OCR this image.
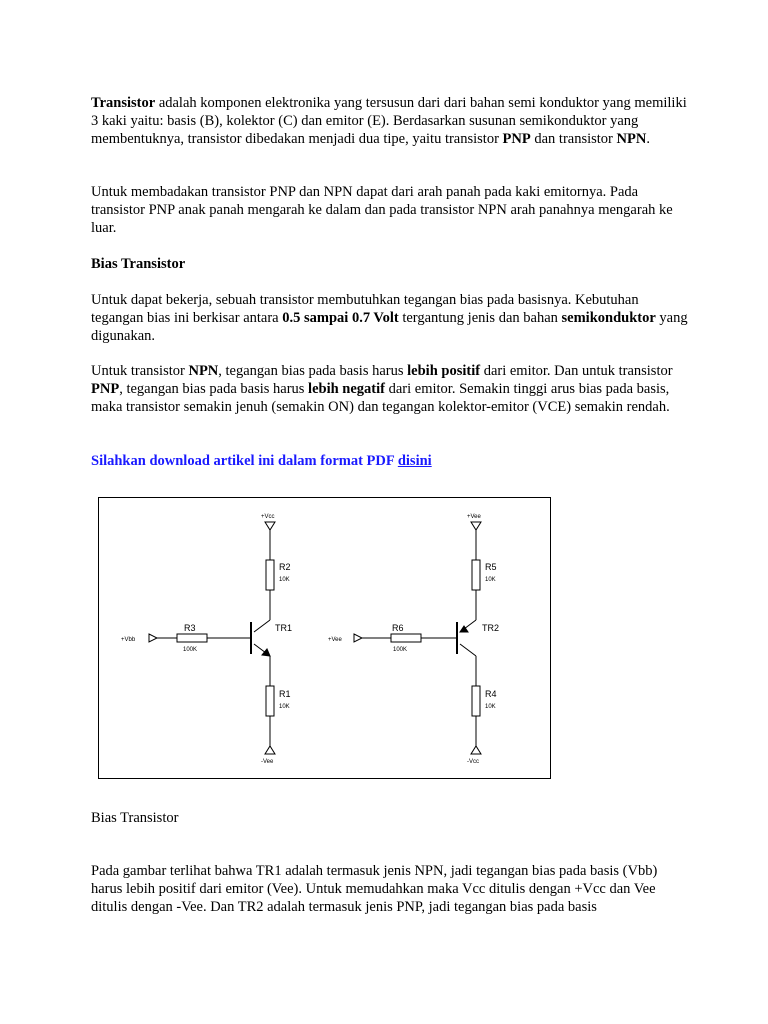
Transistor adalah komponen elektronika yang tersusun dari dari bahan semi konduktor yang memiliki 3 kaki yaitu: basis (B), kolektor (C) dan emitor (E). Berdasarkan susunan semikonduktor yang membentuknya, transistor dibedakan menjadi dua tipe, yaitu transistor PNP dan transistor NPN.

Untuk membadakan transistor PNP dan NPN dapat dari arah panah pada kaki emitornya. Pada transistor PNP anak panah mengarah ke dalam dan pada transistor NPN arah panahnya mengarah ke luar.

Bias Transistor

Untuk dapat bekerja, sebuah transistor membutuhkan tegangan bias pada basisnya. Kebutuhan tegangan bias ini berkisar antara 0.5 sampai 0.7 Volt tergantung jenis dan bahan semikonduktor yang digunakan.

Untuk transistor NPN, tegangan bias pada basis harus lebih positif dari emitor. Dan untuk transistor PNP, tegangan bias pada basis harus lebih negatif dari emitor. Semakin tinggi arus bias pada basis, maka transistor semakin jenuh (semakin ON) dan tegangan kolektor-emitor (VCE) semakin rendah.

Silahkan download artikel ini dalam format PDF disini

+Vcc
R2
10K
TR1
R1
10K
-Vee
+Vbb
R3
100K
+Vee
R5
10K
TR2
R4
10K
-Vcc
+Vee
R6
100K

Bias Transistor

Pada gambar terlihat bahwa TR1 adalah termasuk jenis NPN, jadi tegangan bias pada basis (Vbb) harus lebih positif dari emitor (Vee). Untuk memudahkan maka Vcc ditulis dengan +Vcc dan Vee ditulis dengan -Vee. Dan TR2 adalah termasuk jenis PNP, jadi tegangan bias pada basis
